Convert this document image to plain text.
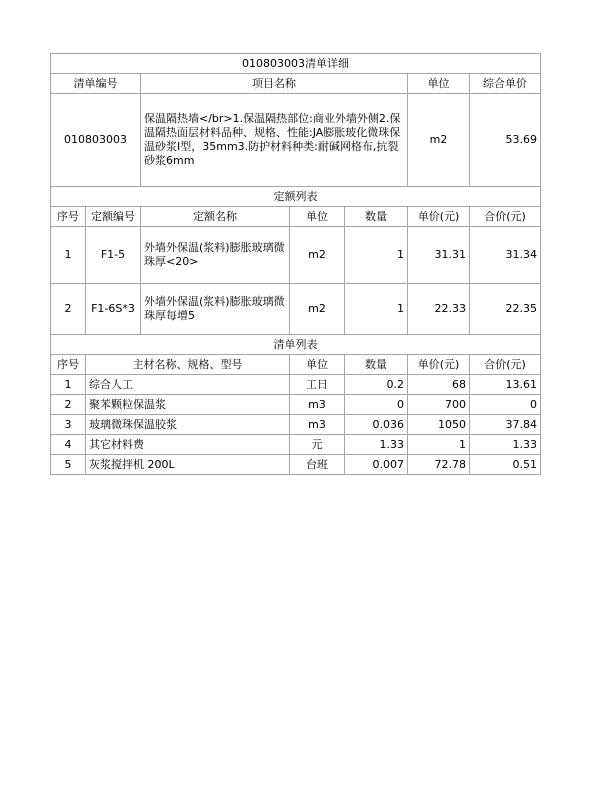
010803003清单详细						
清单编号		项目名称			单位	综合单价
010803003		保温隔热墙</br>1.保温隔热部位:商业外墙外侧2.保温隔热面层材料品种、规格、性能:JA膨胀玻化微珠保温砂浆I型，35mm3.防护材料种类:耐碱网格布,抗裂砂浆6mm			m2	53.69
定额列表						
序号	定额编号	定额名称	单位	数量	单价(元)	合价(元)
1	F1-5	外墙外保温(浆料)膨胀玻璃微珠厚<20>	m2	1	31.31	31.34
2	F1-6S*3	外墙外保温(浆料)膨胀玻璃微珠厚每增5	m2	1	22.33	22.35
清单列表						
序号	主材名称、规格、型号		单位	数量	单价(元)	合价(元)
1	综合人工		工日	0.2	68	13.61
2	聚苯颗粒保温浆		m3	0	700	0
3	玻璃微珠保温胶浆		m3	0.036	1050	37.84
4	其它材料费		元	1.33	1	1.33
5	灰浆搅拌机 200L		台班	0.007	72.78	0.51
